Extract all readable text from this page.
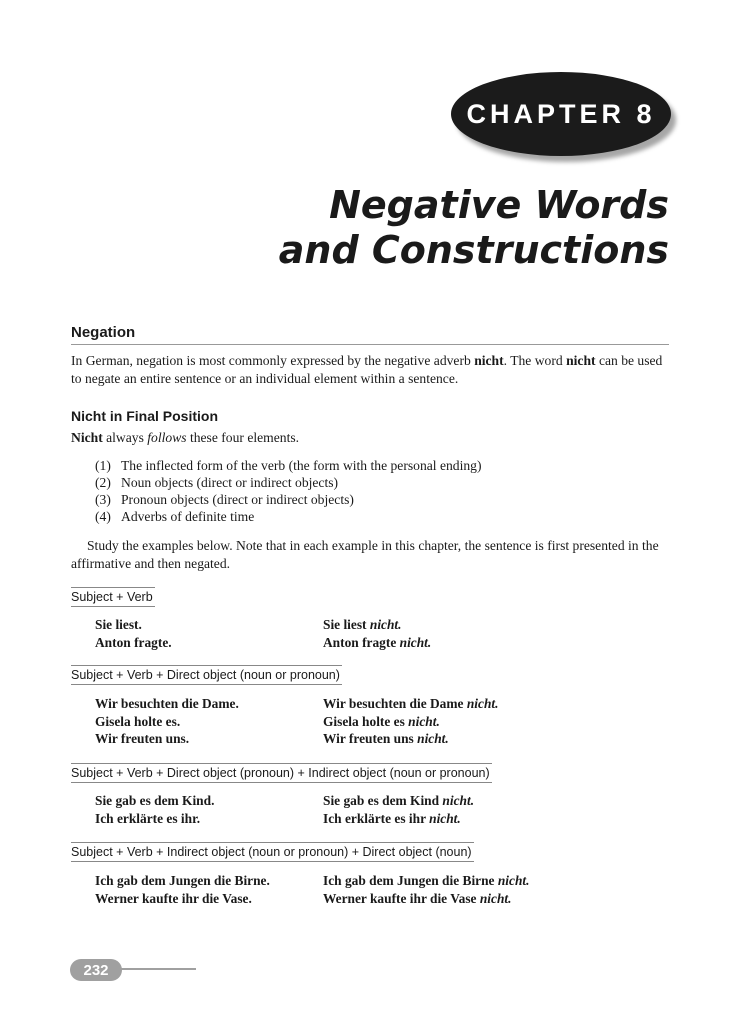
CHAPTER 8
Negative Words
and Constructions
Negation
In German, negation is most commonly expressed by the negative adverb nicht. The word nicht can be used to negate an entire sentence or an individual element within a sentence.
Nicht in Final Position
Nicht always follows these four elements.
(1) The inflected form of the verb (the form with the personal ending)
(2) Noun objects (direct or indirect objects)
(3) Pronoun objects (direct or indirect objects)
(4) Adverbs of definite time
Study the examples below. Note that in each example in this chapter, the sentence is first presented in the affirmative and then negated.
Subject + Verb
Sie liest.	Sie liest nicht.
Anton fragte.	Anton fragte nicht.
Subject + Verb + Direct object (noun or pronoun)
Wir besuchten die Dame.	Wir besuchten die Dame nicht.
Gisela holte es.	Gisela holte es nicht.
Wir freuten uns.	Wir freuten uns nicht.
Subject + Verb + Direct object (pronoun) + Indirect object (noun or pronoun)
Sie gab es dem Kind.	Sie gab es dem Kind nicht.
Ich erklärte es ihr.	Ich erklärte es ihr nicht.
Subject + Verb + Indirect object (noun or pronoun) + Direct object (noun)
Ich gab dem Jungen die Birne.	Ich gab dem Jungen die Birne nicht.
Werner kaufte ihr die Vase.	Werner kaufte ihr die Vase nicht.
232
